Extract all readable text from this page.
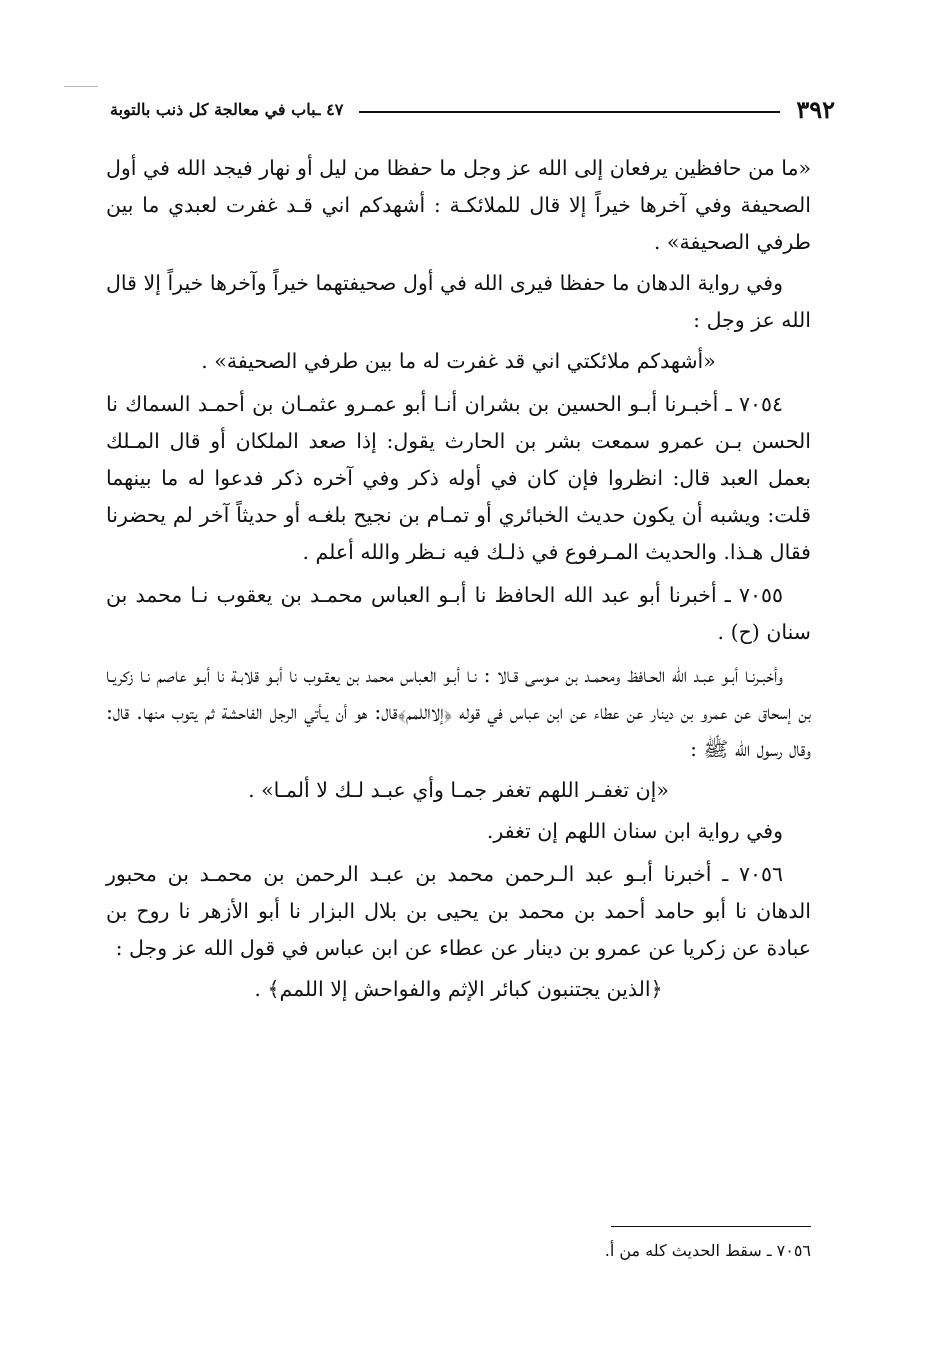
٣٩٢
٤٧ ـباب في معالجة كل ذنب بالتوبة

«ما من حافظين يرفعان إلى الله عز وجل ما حفظا من ليل أو نهار فيجد الله في أول الصحيفة وفي آخرها خيراً إلا قال للملائكـة : أشهدكم اني قـد غفرت لعبدي ما بين طرفي الصحيفة» .

وفي رواية الدهان ما حفظا فيرى الله في أول صحيفتهما خيراً وآخرها خيراً إلا قال الله عز وجل :

«أشهدكم ملائكتي اني قد غفرت له ما بين طرفي الصحيفة» .

٧٠٥٤ ـ أخبـرنا أبـو الحسين بن بشران أنـا أبو عمـرو عثمـان بن أحمـد السماك نا الحسن بـن عمرو سمعت بشر بن الحارث يقول: إذا صعد الملكان أو قال المـلك بعمل العبد قال: انظروا فإن كان في أوله ذكر وفي آخره ذكر فدعوا له ما بينهما قلت: ويشبه أن يكون حديث الخبائري أو تمـام بن نجيح بلغـه أو حديثاً آخر لم يحضرنا فقال هـذا. والحديث المـرفوع في ذلـك فيه نـظر والله أعلم .

٧٠٥٥ ـ أخبرنا أبو عبد الله الحافظ نا أبـو العباس محمـد بن يعقوب نـا محمد بن سنان (ح) .

وأخبـرنـا أبـو عبـد الله الحـافظ ومحمـد بن مـوسى قـالا : نـا أبـو العباس محمد بن يعقـوب نا أبـو قلابـة نا أبـو عاصم نـا زكريـا بن إسحاق عن عمرو بن دينار عن عطاء عن ابن عباس في قوله ﴿إلااللمم﴾قال: هو أن يـأتي الرجل الفاحشة ثم يتوب منها. قال: وقال رسول الله ﷺ :

«إن تغفـر اللهم تغفر جمـا وأي عبـد لـك لا ألمـا» .

وفي رواية ابن سنان اللهم إن تغفر.

٧٠٥٦ ـ أخبرنا أبـو عبد الـرحمن محمد بن عبـد الرحمن بن محمـد بن محبور الدهان نا أبو حامد أحمد بن محمد بن يحيى بن بلال البزار نا أبو الأزهر نا روح بن عبادة عن زكريا عن عمرو بن دينار عن عطاء عن ابن عباس في قول الله عز وجل :

﴿الذين يجتنبون كبائر الإثم والفواحش إلا اللمم﴾ .

٧٠٥٦ ـ سقط الحديث كله من أ.
